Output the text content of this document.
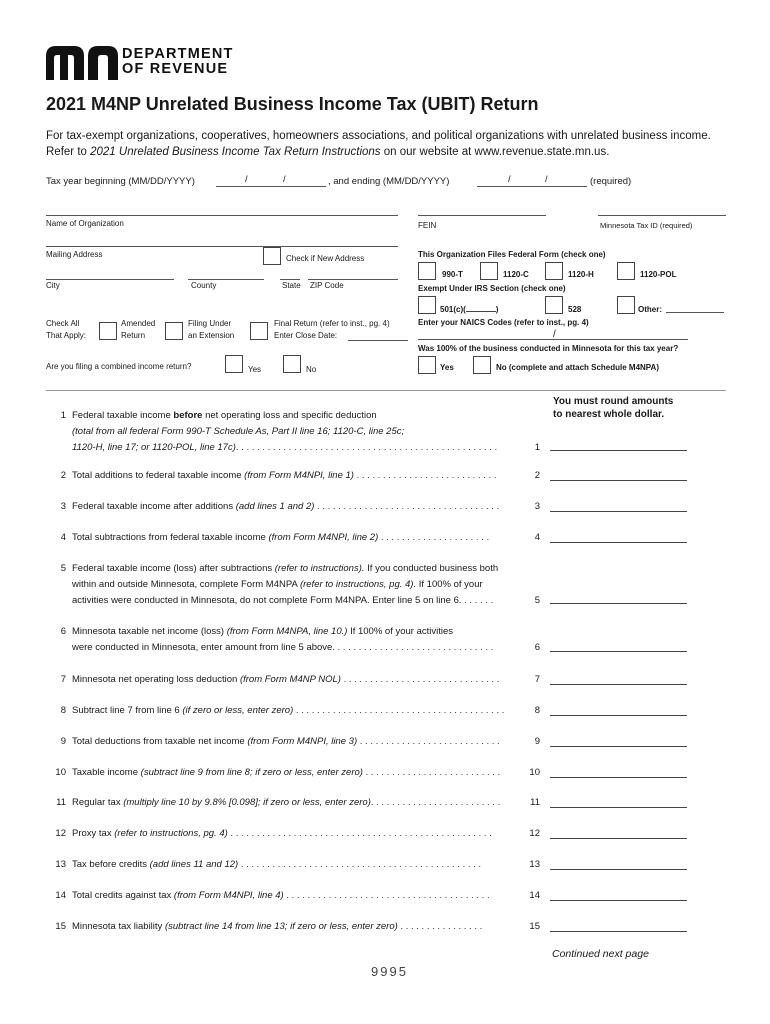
DEPARTMENT
OF REVENUE
2021 M4NP Unrelated Business Income Tax (UBIT) Return
For tax-exempt organizations, cooperatives, homeowners associations, and political organizations with unrelated business income. Refer to 2021 Unrelated Business Income Tax Return Instructions on our website at www.revenue.state.mn.us.
Tax year beginning (MM/DD/YYYY)	/	/	, and ending (MM/DD/YYYY)	/	/	(required)
Name of Organization	FEIN	Minnesota Tax ID (required)
Mailing Address	Check if New Address
City	County	State ZIP Code
Check All
That Apply:
Amended
Return
Filing Under
an Extension
Final Return (refer to inst., pg. 4)
Enter Close Date:
Are you filing a combined income return?	Yes	No
This Organization Files Federal Form (check one)
990-T	1120-C	1120-H	1120-POL
Exempt Under IRS Section (check one)
501(c)(	)	528	Other:
Enter your NAICS Codes (refer to inst., pg. 4)
/
Was 100% of the business conducted in Minnesota for this tax year?
Yes	No (complete and attach Schedule M4NPA)
You must round amounts
to nearest whole dollar.
1 Federal taxable income before net operating loss and specific deduction
(total from all federal Form 990-T Schedule As, Part II line 16; 1120-C, line 25c;
1120-H, line 17; or 1120-POL, line 17c). . . . . . . . . . . . . . . . . . . . . . . . . . . . . . . . . . . . . . . . . . . . . . . . . .	1
2 Total additions to federal taxable income (from Form M4NPI, line 1) . . . . . . . . . . . . . . . . . . . . . . . . . . .	2
3 Federal taxable income after additions (add lines 1 and 2) . . . . . . . . . . . . . . . . . . . . . . . . . . . . . . . . . . .	3
4 Total subtractions from federal taxable income (from Form M4NPI, line 2) . . . . . . . . . . . . . . . . . . . . .	4
5 Federal taxable income (loss) after subtractions (refer to instructions). If you conducted business both
within and outside Minnesota, complete Form M4NPA (refer to instructions, pg. 4). If 100% of your
activities were conducted in Minnesota, do not complete Form M4NPA. Enter line 5 on line 6. . . . . . .	5
6 Minnesota taxable net income (loss) (from Form M4NPA, line 10.) If 100% of your activities
were conducted in Minnesota, enter amount from line 5 above. . . . . . . . . . . . . . . . . . . . . . . . . . . . . . .	6
7 Minnesota net operating loss deduction (from Form M4NP NOL) . . . . . . . . . . . . . . . . . . . . . . . . . . . . . .	7
8 Subtract line 7 from line 6 (if zero or less, enter zero) . . . . . . . . . . . . . . . . . . . . . . . . . . . . . . . . . . . . . . . .	8
9 Total deductions from taxable net income (from Form M4NPI, line 3) . . . . . . . . . . . . . . . . . . . . . . . . . . .	9
10 Taxable income (subtract line 9 from line 8; if zero or less, enter zero) . . . . . . . . . . . . . . . . . . . . . . . . . .	10
11 Regular tax (multiply line 10 by 9.8% [0.098]; if zero or less, enter zero). . . . . . . . . . . . . . . . . . . . . . . . .	11
12 Proxy tax (refer to instructions, pg. 4) . . . . . . . . . . . . . . . . . . . . . . . . . . . . . . . . . . . . . . . . . . . . . . . . . .	12
13 Tax before credits (add lines 11 and 12) . . . . . . . . . . . . . . . . . . . . . . . . . . . . . . . . . . . . . . . . . . . . . .	13
14 Total credits against tax (from Form M4NPI, line 4) . . . . . . . . . . . . . . . . . . . . . . . . . . . . . . . . . . . . . . .	14
15 Minnesota tax liability (subtract line 14 from line 13; if zero or less, enter zero) . . . . . . . . . . . . . . . .	15
Continued next page
9995
